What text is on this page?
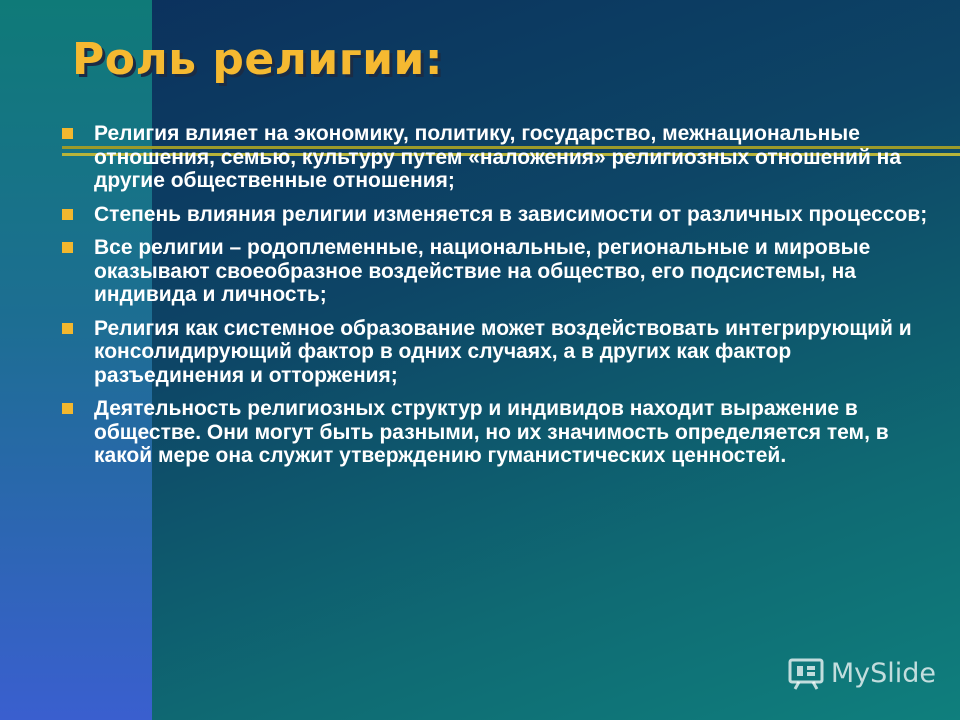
Роль религии:
Религия влияет на экономику, политику, государство, межнациональные отношения, семью, культуру путем «наложения» религиозных отношений на другие общественные отношения;
Степень влияния религии изменяется в зависимости от различных процессов;
Все религии – родоплеменные, национальные, региональные и мировые оказывают своеобразное воздействие на общество, его подсистемы, на индивида и личность;
Религия как системное образование может воздействовать интегрирующий и консолидирующий фактор в одних случаях, а в других как фактор разъединения и отторжения;
Деятельность религиозных структур и индивидов находит выражение в обществе. Они могут быть разными, но их значимость определяется тем, в какой мере она служит утверждению гуманистических ценностей.
MySlide
